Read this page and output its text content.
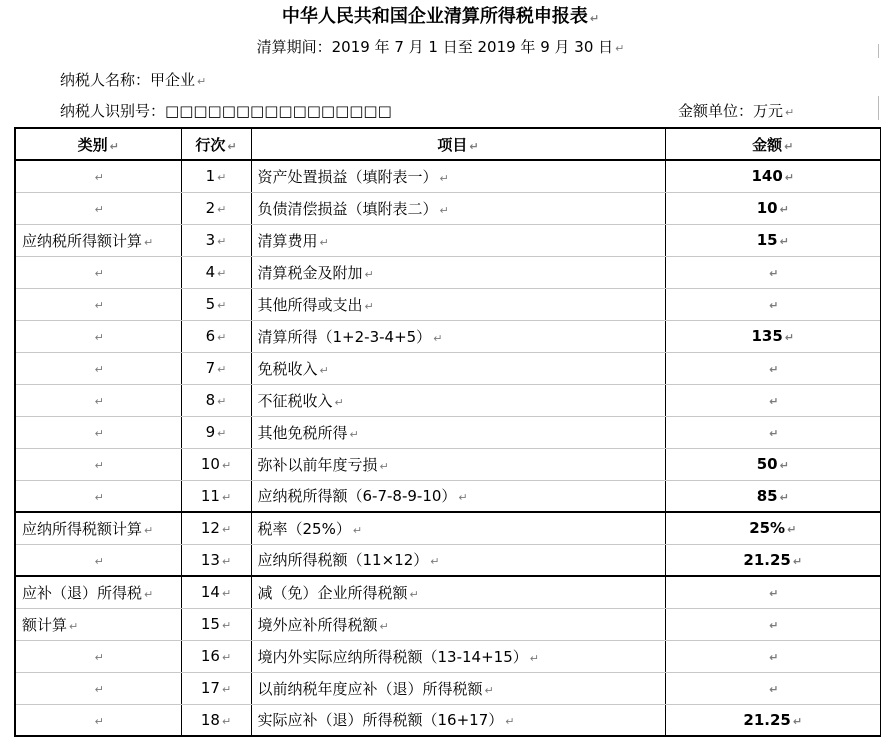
中华人民共和国企业清算所得税申报表 ↵
清算期间：2019 年 7 月 1 日至 2019 年 9 月 30 日 ↵
纳税人名称：甲企业 ↵
纳税人识别号：□□□□□□□□□□□□□□□□	金额单位：万元 ↵
类别 ↵	行次 ↵	项目 ↵	金额 ↵
↵	1 ↵	资产处置损益（填附表一） ↵	140 ↵
↵	2 ↵	负债清偿损益（填附表二） ↵	10 ↵
应纳税所得额计算 ↵	3 ↵	清算费用 ↵	15 ↵
↵	4 ↵	清算税金及附加 ↵	↵
↵	5 ↵	其他所得或支出 ↵	↵
↵	6 ↵	清算所得（1+2-3-4+5） ↵	135 ↵
↵	7 ↵	免税收入 ↵	↵
↵	8 ↵	不征税收入 ↵	↵
↵	9 ↵	其他免税所得 ↵	↵
↵	10 ↵	弥补以前年度亏损 ↵	50 ↵
↵	11 ↵	应纳税所得额（6-7-8-9-10） ↵	85 ↵
应纳所得税额计算 ↵	12 ↵	税率（25%） ↵	25% ↵
↵	13 ↵	应纳所得税额（11×12） ↵	21.25 ↵
应补（退）所得税 ↵	14 ↵	减（免）企业所得税额 ↵	↵
额计算 ↵	15 ↵	境外应补所得税额 ↵	↵
↵	16 ↵	境内外实际应纳所得税额（13-14+15） ↵	↵
↵	17 ↵	以前纳税年度应补（退）所得税额 ↵	↵
↵	18 ↵	实际应补（退）所得税额（16+17） ↵	21.25 ↵
